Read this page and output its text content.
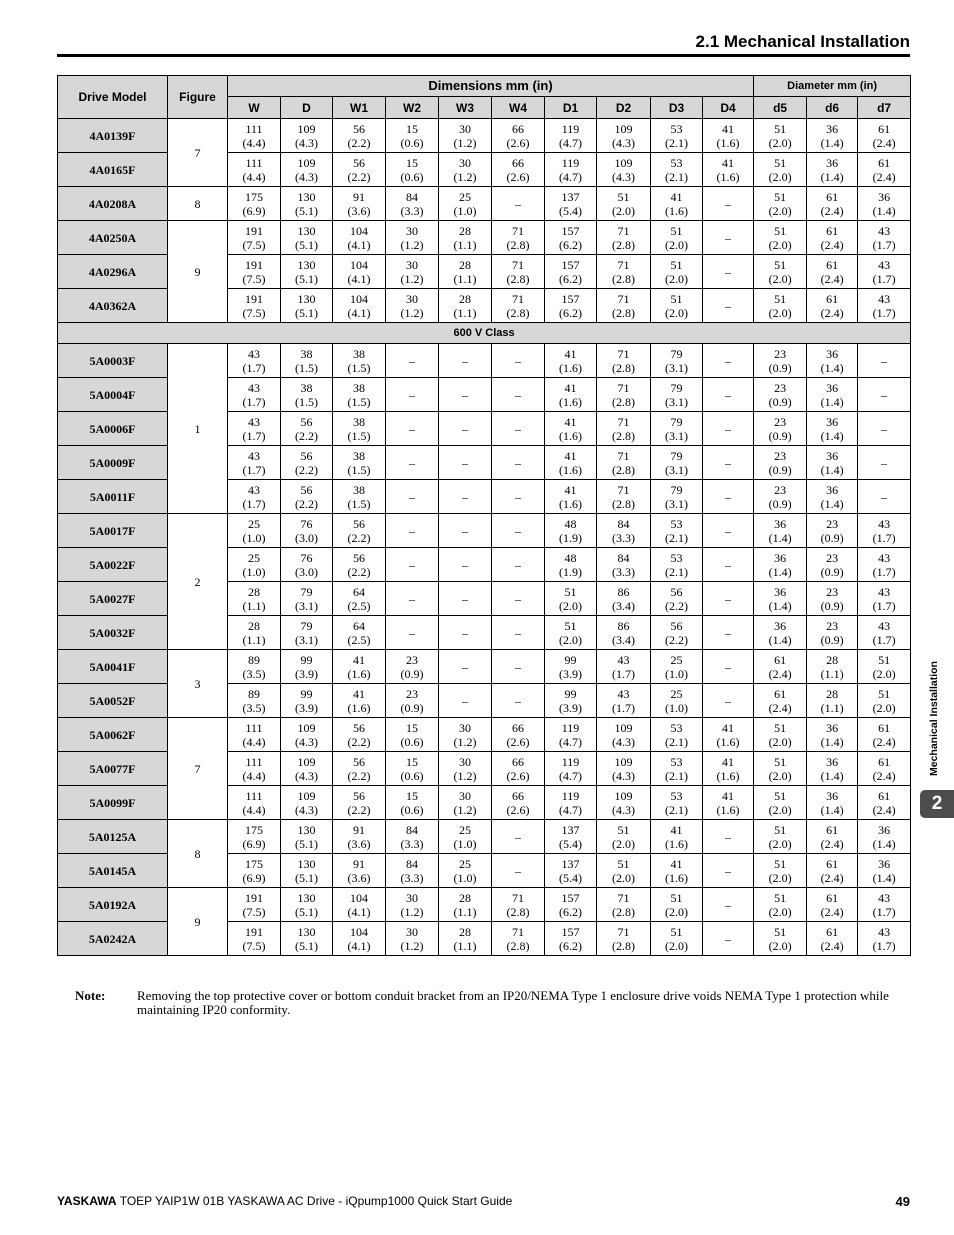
2.1 Mechanical Installation
Drive Model	Figure	Dimensions mm (in)										Diameter mm (in)		
		W	D	W1	W2	W3	W4	D1	D2	D3	D4	d5	d6	d7
4A0139F	7	111
(4.4)	109
(4.3)	56
(2.2)	15
(0.6)	30
(1.2)	66
(2.6)	119
(4.7)	109
(4.3)	53
(2.1)	41
(1.6)	51
(2.0)	36
(1.4)	61
(2.4)

4A0165F		111
(4.4)	109
(4.3)	56
(2.2)	15
(0.6)	30
(1.2)	66
(2.6)	119
(4.7)	109
(4.3)	53
(2.1)	41
(1.6)	51
(2.0)	36
(1.4)	61
(2.4)

4A0208A	8	175
(6.9)	130
(5.1)	91
(3.6)	84
(3.3)	25
(1.0)	–	137
(5.4)	51
(2.0)	41
(1.6)	–	51
(2.0)	61
(2.4)	36
(1.4)

4A0250A	9	191
(7.5)	130
(5.1)	104
(4.1)	30
(1.2)	28
(1.1)	71
(2.8)	157
(6.2)	71
(2.8)	51
(2.0)	–	51
(2.0)	61
(2.4)	43
(1.7)

4A0296A		191
(7.5)	130
(5.1)	104
(4.1)	30
(1.2)	28
(1.1)	71
(2.8)	157
(6.2)	71
(2.8)	51
(2.0)	–	51
(2.0)	61
(2.4)	43
(1.7)

4A0362A		191
(7.5)	130
(5.1)	104
(4.1)	30
(1.2)	28
(1.1)	71
(2.8)	157
(6.2)	71
(2.8)	51
(2.0)	–	51
(2.0)	61
(2.4)	43
(1.7)

600 V Class														
5A0003F	1	43
(1.7)	38
(1.5)	38
(1.5)	–	–	–	41
(1.6)	71
(2.8)	79
(3.1)	–	23
(0.9)	36
(1.4)	–
5A0004F		43
(1.7)	38
(1.5)	38
(1.5)	–	–	–	41
(1.6)	71
(2.8)	79
(3.1)	–	23
(0.9)	36
(1.4)	–
5A0006F		43
(1.7)	56
(2.2)	38
(1.5)	–	–	–	41
(1.6)	71
(2.8)	79
(3.1)	–	23
(0.9)	36
(1.4)	–
5A0009F		43
(1.7)	56
(2.2)	38
(1.5)	–	–	–	41
(1.6)	71
(2.8)	79
(3.1)	–	23
(0.9)	36
(1.4)	–
5A0011F		43
(1.7)	56
(2.2)	38
(1.5)	–	–	–	41
(1.6)	71
(2.8)	79
(3.1)	–	23
(0.9)	36
(1.4)	–
5A0017F	2	25
(1.0)	76
(3.0)	56
(2.2)	–	–	–	48
(1.9)	84
(3.3)	53
(2.1)	–	36
(1.4)	23
(0.9)	43
(1.7)

5A0022F		25
(1.0)	76
(3.0)	56
(2.2)	–	–	–	48
(1.9)	84
(3.3)	53
(2.1)	–	36
(1.4)	23
(0.9)	43
(1.7)

5A0027F		28
(1.1)	79
(3.1)	64
(2.5)	–	–	–	51
(2.0)	86
(3.4)	56
(2.2)	–	36
(1.4)	23
(0.9)	43
(1.7)

5A0032F		28
(1.1)	79
(3.1)	64
(2.5)	–	–	–	51
(2.0)	86
(3.4)	56
(2.2)	–	36
(1.4)	23
(0.9)	43
(1.7)

5A0041F	3	89
(3.5)	99
(3.9)	41
(1.6)	23
(0.9)	–	–	99
(3.9)	43
(1.7)	25
(1.0)	–	61
(2.4)	28
(1.1)	51
(2.0)

5A0052F		89
(3.5)	99
(3.9)	41
(1.6)	23
(0.9)	–	–	99
(3.9)	43
(1.7)	25
(1.0)	–	61
(2.4)	28
(1.1)	51
(2.0)

5A0062F	7	111
(4.4)	109
(4.3)	56
(2.2)	15
(0.6)	30
(1.2)	66
(2.6)	119
(4.7)	109
(4.3)	53
(2.1)	41
(1.6)	51
(2.0)	36
(1.4)	61
(2.4)

5A0077F		111
(4.4)	109
(4.3)	56
(2.2)	15
(0.6)	30
(1.2)	66
(2.6)	119
(4.7)	109
(4.3)	53
(2.1)	41
(1.6)	51
(2.0)	36
(1.4)	61
(2.4)

5A0099F		111
(4.4)	109
(4.3)	56
(2.2)	15
(0.6)	30
(1.2)	66
(2.6)	119
(4.7)	109
(4.3)	53
(2.1)	41
(1.6)	51
(2.0)	36
(1.4)	61
(2.4)

5A0125A	8	175
(6.9)	130
(5.1)	91
(3.6)	84
(3.3)	25
(1.0)	–	137
(5.4)	51
(2.0)	41
(1.6)	–	51
(2.0)	61
(2.4)	36
(1.4)

5A0145A		175
(6.9)	130
(5.1)	91
(3.6)	84
(3.3)	25
(1.0)	–	137
(5.4)	51
(2.0)	41
(1.6)	–	51
(2.0)	61
(2.4)	36
(1.4)

5A0192A	9	191
(7.5)	130
(5.1)	104
(4.1)	30
(1.2)	28
(1.1)	71
(2.8)	157
(6.2)	71
(2.8)	51
(2.0)	–	51
(2.0)	61
(2.4)	43
(1.7)

5A0242A		191
(7.5)	130
(5.1)	104
(4.1)	30
(1.2)	28
(1.1)	71
(2.8)	157
(6.2)	71
(2.8)	51
(2.0)	–	51
(2.0)	61
(2.4)	43
(1.7)
Note: Removing the top protective cover or bottom conduit bracket from an IP20/NEMA Type 1 enclosure drive voids NEMA Type 1 protection while maintaining IP20 conformity.
Mechanical Installation
2
YASKAWA TOEP YAIP1W 01B YASKAWA AC Drive - iQpump1000 Quick Start Guide	49
